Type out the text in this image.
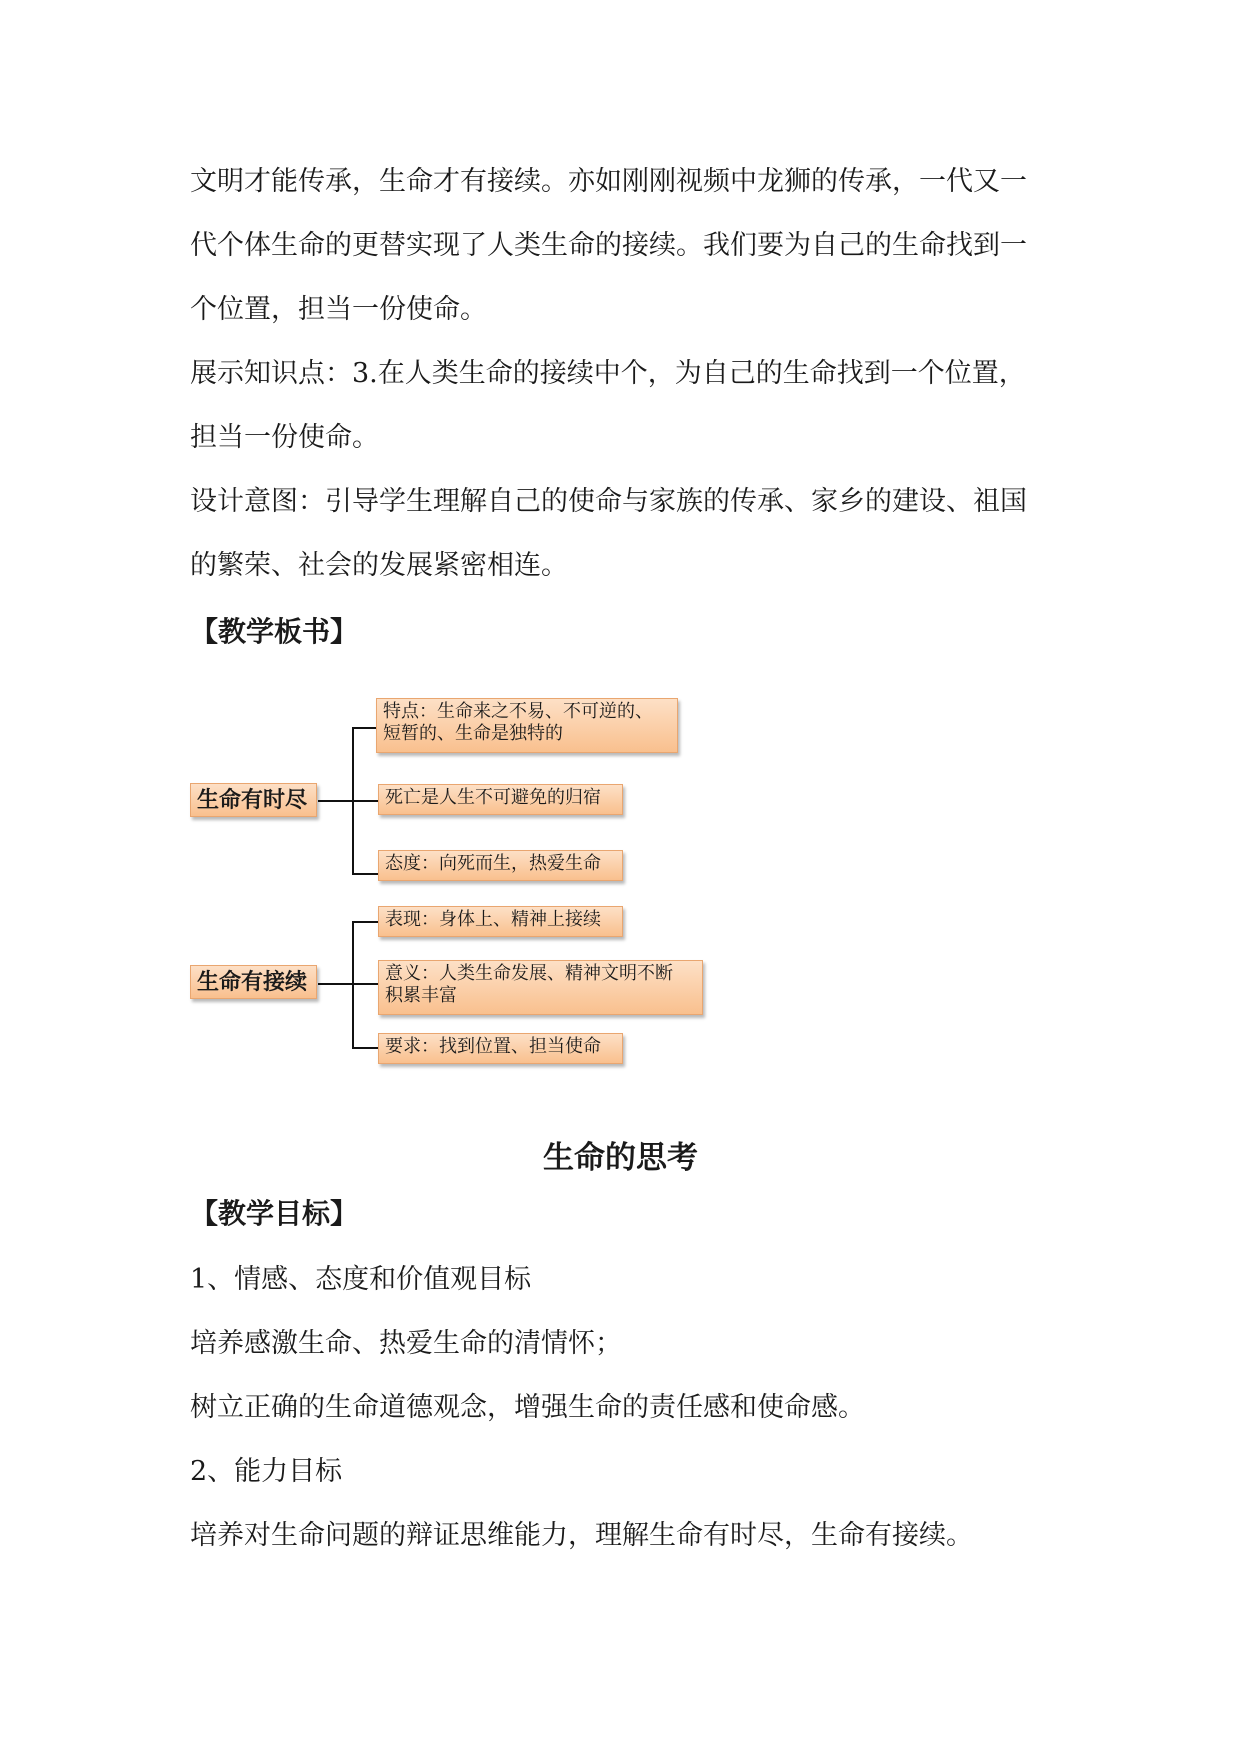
文明才能传承，生命才有接续。亦如刚刚视频中龙狮的传承，一代又一
代个体生命的更替实现了人类生命的接续。我们要为自己的生命找到一
个位置，担当一份使命。
展示知识点：3.在人类生命的接续中个，为自己的生命找到一个位置，
担当一份使命。
设计意图：引导学生理解自己的使命与家族的传承、家乡的建设、祖国
的繁荣、社会的发展紧密相连。
【教学板书】
生命有时尽
特点：生命来之不易、不可逆的、
短暂的、生命是独特的
死亡是人生不可避免的归宿
态度：向死而生，热爱生命
生命有接续
表现：身体上、精神上接续
意义：人类生命发展、精神文明不断
积累丰富
要求：找到位置、担当使命
生命的思考
【教学目标】
1、情感、态度和价值观目标
培养感激生命、热爱生命的清情怀；
树立正确的生命道德观念，增强生命的责任感和使命感。
2、能力目标
培养对生命问题的辩证思维能力，理解生命有时尽，生命有接续。
